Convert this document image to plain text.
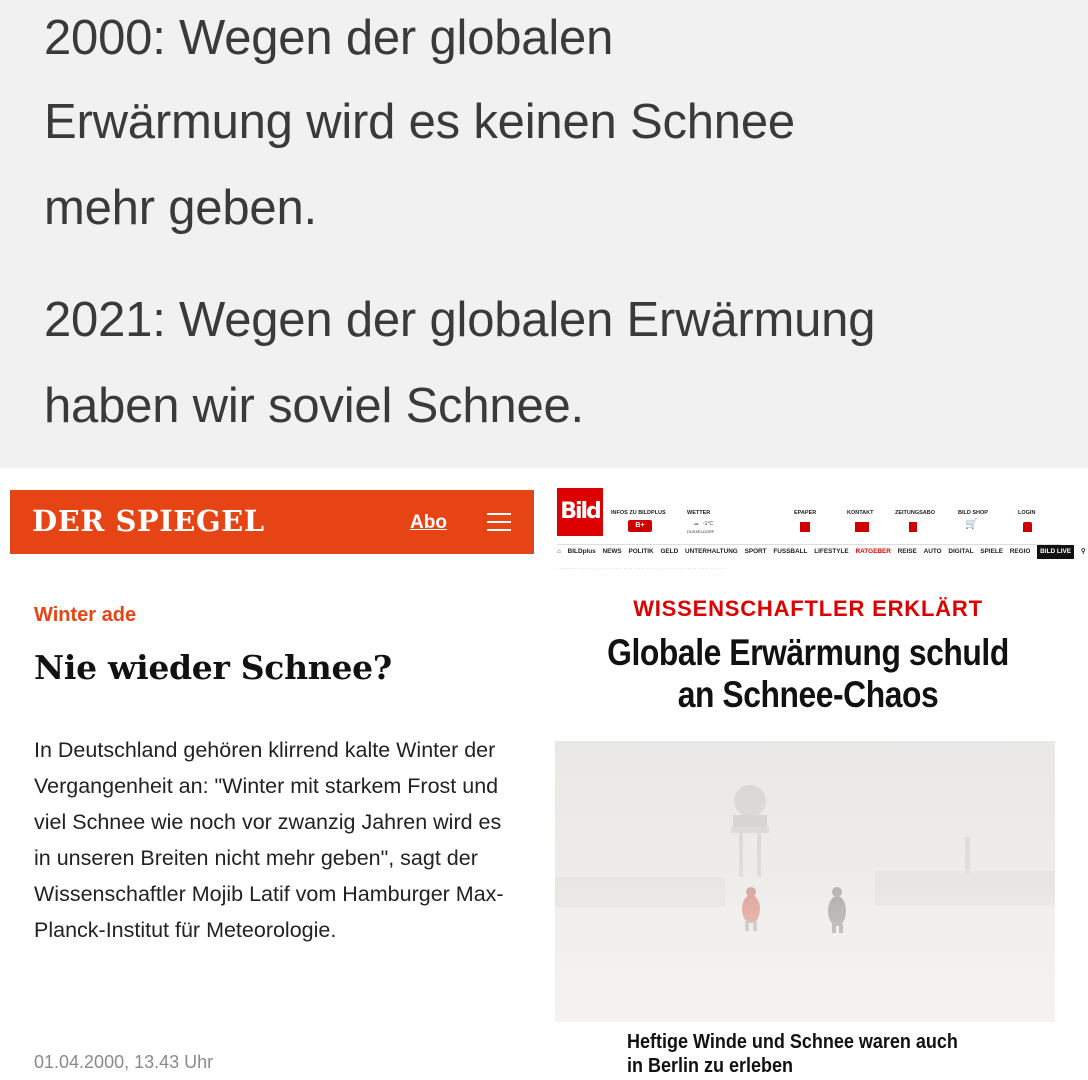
2000: Wegen der globalen
Erwärmung wird es keinen Schnee
mehr geben.
2021: Wegen der globalen Erwärmung
haben wir soviel Schnee.
DER SPIEGEL	Abo
Winter ade
Nie wieder Schnee?
In Deutschland gehören klirrend kalte Winter der Vergangenheit an: "Winter mit starkem Frost und viel Schnee wie noch vor zwanzig Jahren wird es in unseren Breiten nicht mehr geben", sagt der Wissenschaftler Mojib Latif vom Hamburger Max-Planck-Institut für Meteorologie.
01.04.2000, 13.43 Uhr
Bild	INFOS ZU BILDPLUS
B+
WETTER
☁ -1°C
DÜSSELDORF
EPAPER	KONTAKT	ZEITUNGSABO	BILD SHOP
🛒
LOGIN
⌂ BILDplus NEWS POLITIK GELD UNTERHALTUNG SPORT FUSSBALL LIFESTYLE RATGEBER REISE AUTO DIGITAL SPIELE REGIO BILD LIVE ⚲
· · · · · · · · · · · · · · · · · · · · · · · · · · · · · · · · · · · · · · · · · · · · · · · · · · · · · · · · · · · · · · · · · ·
WISSENSCHAFTLER ERKLÄRT
Globale Erwärmung schuld
an Schnee-Chaos
Heftige Winde und Schnee waren auch
in Berlin zu erleben
